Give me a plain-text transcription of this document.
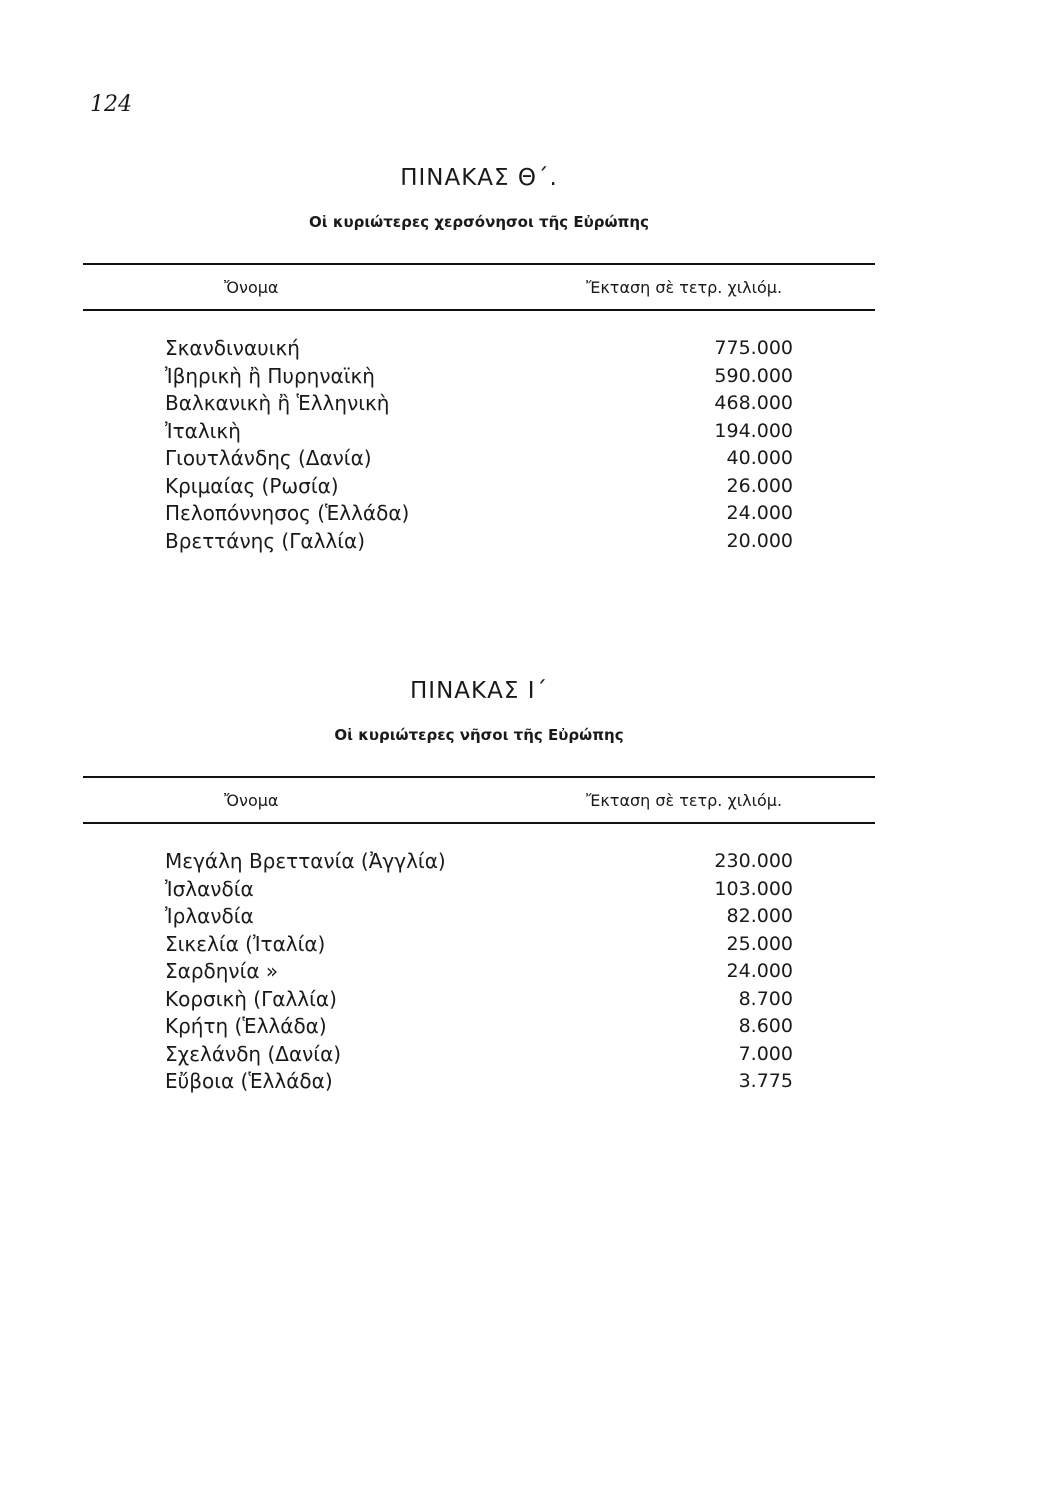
124
ΠΙΝΑΚΑΣ Θ΄.
Οἱ κυριώτερες χερσόνησοι τῆς Εὐρώπης
Ὄνομα	Ἔκταση σὲ τετρ. χιλιόμ.
Σκανδιναυική	775.000
Ἰβηρικὴ ἢ Πυρηναϊκὴ	590.000
Βαλκανικὴ ἢ Ἑλληνικὴ	468.000
Ἰταλικὴ	194.000
Γιουτλάνδης (Δανία)	40.000
Κριμαίας (Ρωσία)	26.000
Πελοπόννησος (Ἑλλάδα)	24.000
Βρεττάνης (Γαλλία)	20.000
ΠΙΝΑΚΑΣ Ι΄
Οἱ κυριώτερες νῆσοι τῆς Εὐρώπης
Ὄνομα	Ἔκταση σὲ τετρ. χιλιόμ.
Μεγάλη Βρεττανία (Ἀγγλία)	230.000
Ἰσλανδία	103.000
Ἰρλανδία	82.000
Σικελία (Ἰταλία)	25.000
Σαρδηνία »	24.000
Κορσικὴ (Γαλλία)	8.700
Κρήτη (Ἑλλάδα)	8.600
Σχελάνδη (Δανία)	7.000
Εὔβοια (Ἑλλάδα)	3.775
